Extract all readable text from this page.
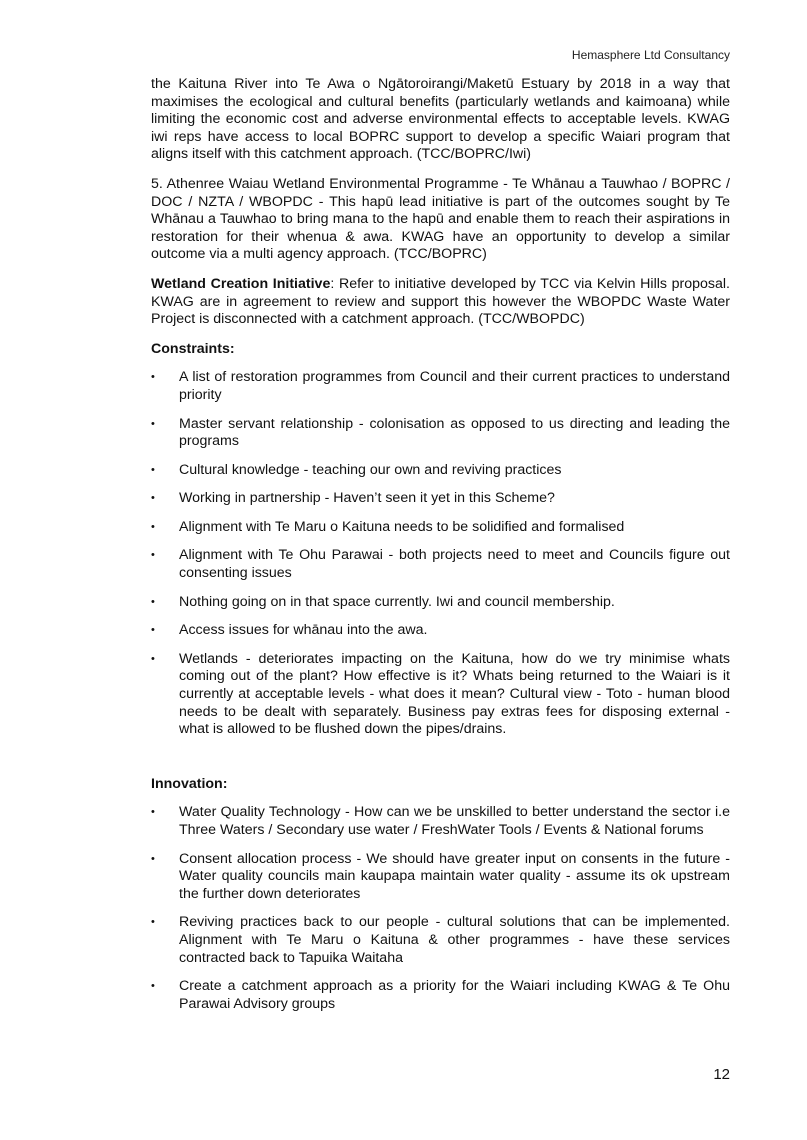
Hemasphere Ltd Consultancy

the Kaituna River into Te Awa o Ngātoroirangi/Maketū Estuary by 2018 in a way that maximises the ecological and cultural benefits (particularly wetlands and kaimoana) while limiting the economic cost and adverse environmental effects to acceptable levels. KWAG iwi reps have access to local BOPRC support to develop a specific Waiari program that aligns itself with this catchment approach. (TCC/BOPRC/Iwi)

5. Athenree Waiau Wetland Environmental Programme - Te Whānau a Tauwhao / BOPRC / DOC / NZTA / WBOPDC - This hapū lead initiative is part of the outcomes sought by Te Whānau a Tauwhao to bring mana to the hapū and enable them to reach their aspirations in restoration for their whenua & awa. KWAG have an opportunity to develop a similar outcome via a multi agency approach. (TCC/BOPRC)

Wetland Creation Initiative: Refer to initiative developed by TCC via Kelvin Hills proposal. KWAG are in agreement to review and support this however the WBOPDC Waste Water Project is disconnected with a catchment approach. (TCC/WBOPDC)

Constraints:
• A list of restoration programmes from Council and their current practices to understand priority
• Master servant relationship - colonisation as opposed to us directing and leading the programs
• Cultural knowledge - teaching our own and reviving practices
• Working in partnership - Haven’t seen it yet in this Scheme?
• Alignment with Te Maru o Kaituna needs to be solidified and formalised
• Alignment with Te Ohu Parawai - both projects need to meet and Councils figure out consenting issues
• Nothing going on in that space currently. Iwi and council membership.
• Access issues for whānau into the awa.
• Wetlands - deteriorates impacting on the Kaituna, how do we try minimise whats coming out of the plant? How effective is it? Whats being returned to the Waiari is it currently at acceptable levels - what does it mean? Cultural view - Toto - human blood needs to be dealt with separately. Business pay extras fees for disposing external - what is allowed to be flushed down the pipes/drains.
Innovation:
• Water Quality Technology - How can we be unskilled to better understand the sector i.e Three Waters / Secondary use water / FreshWater Tools / Events & National forums
• Consent allocation process - We should have greater input on consents in the future - Water quality councils main kaupapa maintain water quality - assume its ok upstream the further down deteriorates
• Reviving practices back to our people - cultural solutions that can be implemented. Alignment with Te Maru o Kaituna & other programmes - have these services contracted back to Tapuika Waitaha
• Create a catchment approach as a priority for the Waiari including KWAG & Te Ohu Parawai Advisory groups
12
